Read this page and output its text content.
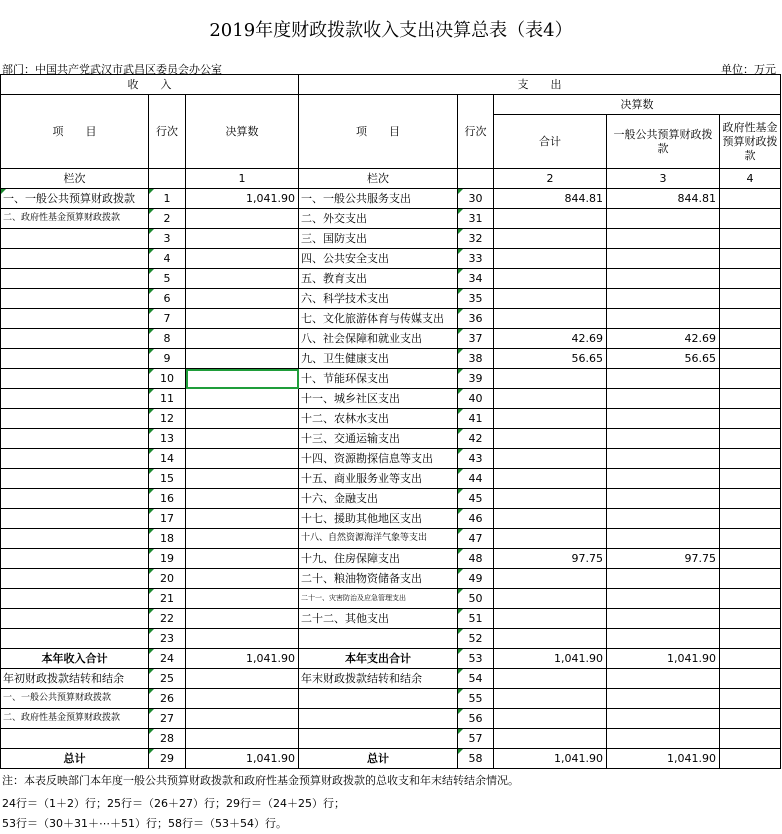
2019年度财政拨款收入支出决算总表（表4）
部门：中国共产党武汉市武昌区委员会办公室	单位：万元
收　　入			支　　出				
项　　目	行次	决算数	项　　目	行次	决算数		
					合计	一般公共预算财政拨款	政府性基金预算财政拨款
栏次		1	栏次		2	3	4
一、一般公共预算财政拨款	1	1,041.90	一、一般公共服务支出	30	844.81	844.81	
二、政府性基金预算财政拨款	2		二、外交支出	31			
	3		三、国防支出	32			
	4		四、公共安全支出	33			
	5		五、教育支出	34			
	6		六、科学技术支出	35			
	7		七、文化旅游体育与传媒支出	36			
	8		八、社会保障和就业支出	37	42.69	42.69	
	9		九、卫生健康支出	38	56.65	56.65	
	10		十、节能环保支出	39			
	11		十一、城乡社区支出	40			
	12		十二、农林水支出	41			
	13		十三、交通运输支出	42			
	14		十四、资源勘探信息等支出	43			
	15		十五、商业服务业等支出	44			
	16		十六、金融支出	45			
	17		十七、援助其他地区支出	46			
	18		十八、自然资源海洋气象等支出	47			
	19		十九、住房保障支出	48	97.75	97.75	
	20		二十、粮油物资储备支出	49			
	21		二十一、灾害防治及应急管理支出	50			
	22		二十二、其他支出	51			
	23			52			
本年收入合计	24	1,041.90	本年支出合计	53	1,041.90	1,041.90	
年初财政拨款结转和结余	25		年末财政拨款结转和结余	54			
一、一般公共预算财政拨款	26			55			
二、政府性基金预算财政拨款	27			56			
	28			57			
总计	29	1,041.90	总计	58	1,041.90	1,041.90	
注：本表反映部门本年度一般公共预算财政拨款和政府性基金预算财政拨款的总收支和年末结转结余情况。
24行＝（1＋2）行；25行＝（26＋27）行；29行＝（24＋25）行；
53行＝（30＋31＋⋯＋51）行；58行＝（53＋54）行。
